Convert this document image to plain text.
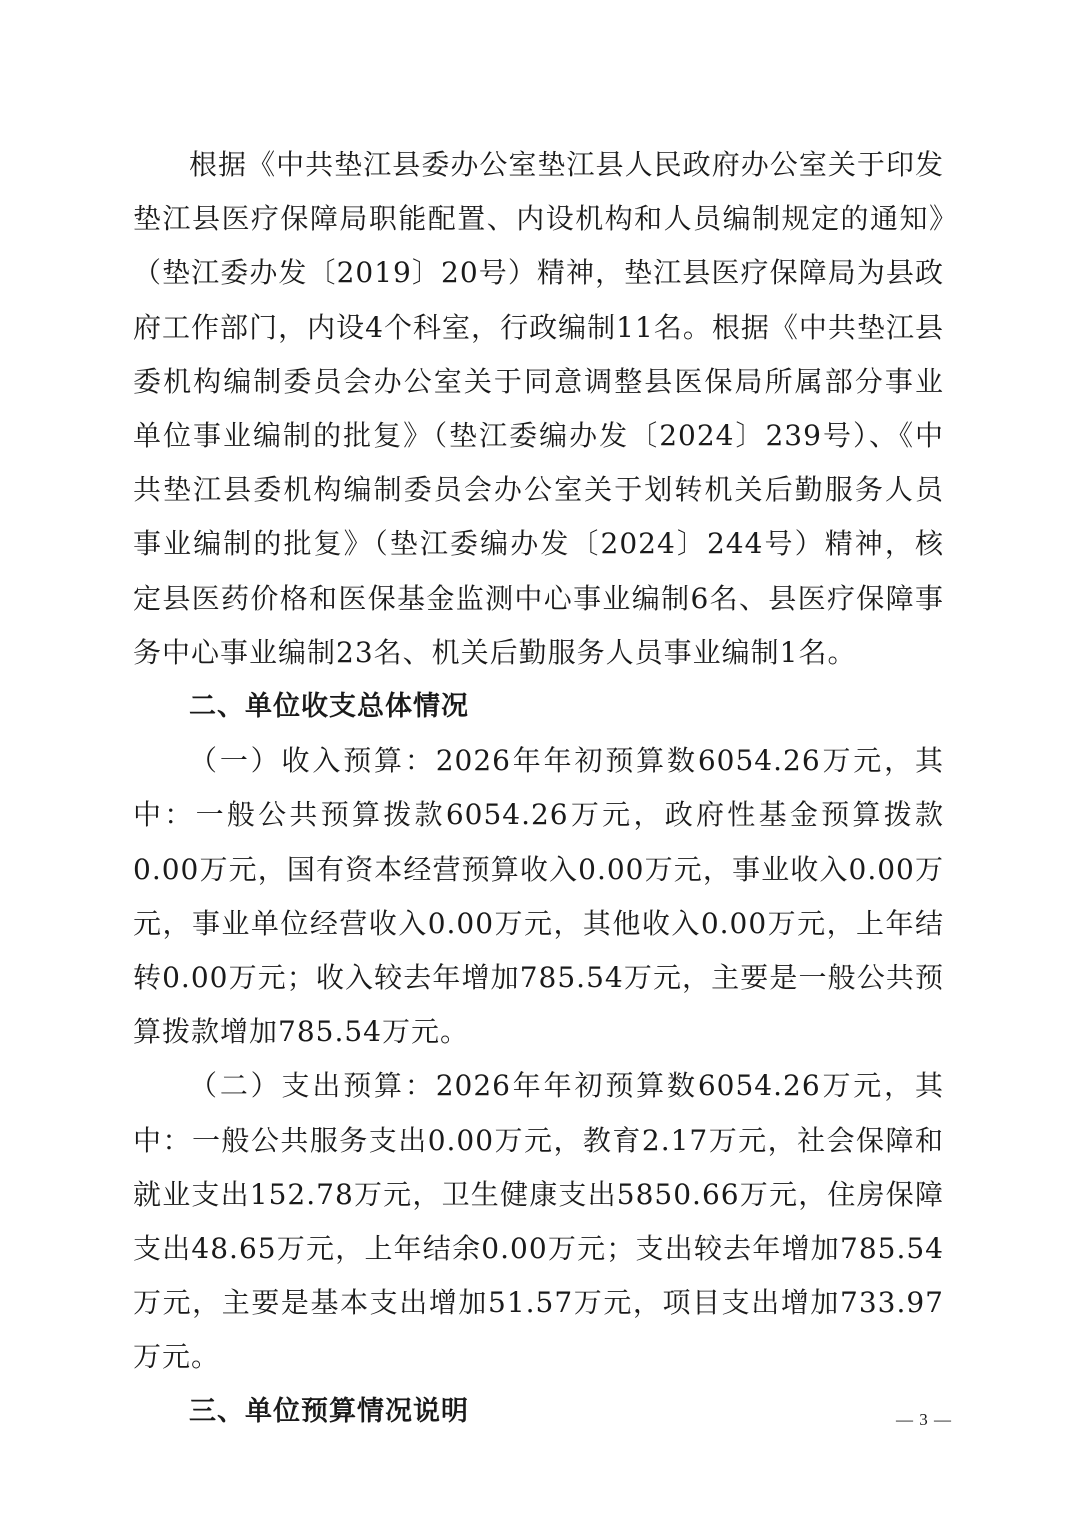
根据《中共垫江县委办公室垫江县人民政府办公室关于印发垫江县医疗保障局职能配置、内设机构和人员编制规定的通知》（垫江委办发〔2019〕20号）精神，垫江县医疗保障局为县政府工作部门，内设4个科室，行政编制11名。根据《中共垫江县委机构编制委员会办公室关于同意调整县医保局所属部分事业单位事业编制的批复》（垫江委编办发〔2024〕239号）、《中共垫江县委机构编制委员会办公室关于划转机关后勤服务人员事业编制的批复》（垫江委编办发〔2024〕244号）精神，核定县医药价格和医保基金监测中心事业编制6名、县医疗保障事务中心事业编制23名、机关后勤服务人员事业编制1名。

二、单位收支总体情况

（一）收入预算：2026年年初预算数6054.26万元，其中：一般公共预算拨款6054.26万元，政府性基金预算拨款0.00万元，国有资本经营预算收入0.00万元，事业收入0.00万元，事业单位经营收入0.00万元，其他收入0.00万元，上年结转0.00万元；收入较去年增加785.54万元，主要是一般公共预算拨款增加785.54万元。

（二）支出预算：2026年年初预算数6054.26万元，其中：一般公共服务支出0.00万元，教育2.17万元，社会保障和就业支出152.78万元，卫生健康支出5850.66万元，住房保障支出48.65万元，上年结余0.00万元；支出较去年增加785.54万元，主要是基本支出增加51.57万元，项目支出增加733.97万元。

三、单位预算情况说明	— 3 —
